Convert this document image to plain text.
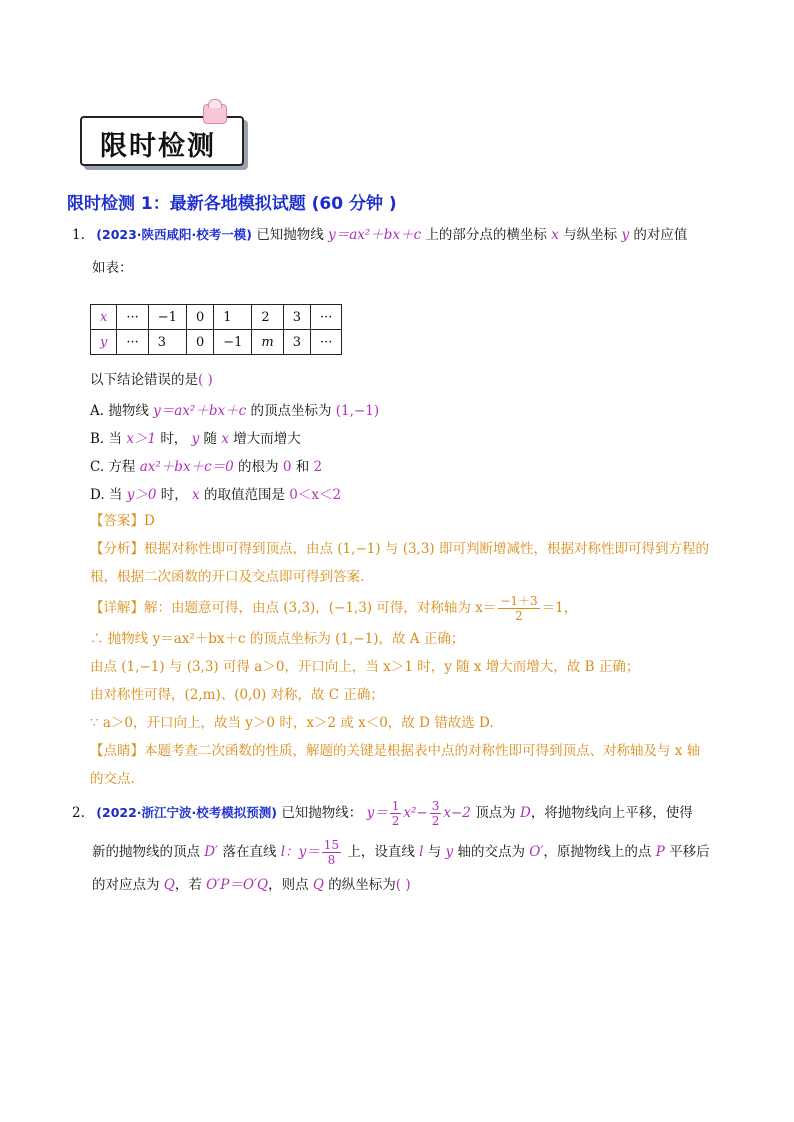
限时检测
限时检测 1：最新各地模拟试题 (60 分钟 )
1. (2023·陕西咸阳·校考一模) 已知抛物线 y＝ax²＋bx＋c 上的部分点的横坐标 x 与纵坐标 y 的对应值
如表：
x	···	−1	0	1	2	3	···
y	···	3	0	−1	m	3	···
以下结论错误的是( )
A. 抛物线 y＝ax²＋bx＋c 的顶点坐标为 (1,−1)
B. 当 x＞1 时， y 随 x 增大而增大
C. 方程 ax²＋bx＋c＝0 的根为 0 和 2
D. 当 y＞0 时， x 的取值范围是 0＜x＜2
【答案】D
【分析】根据对称性即可得到顶点，由点 (1,−1) 与 (3,3) 即可判断增减性，根据对称性即可得到方程的
根，根据二次函数的开口及交点即可得到答案.
【详解】解：由题意可得，由点 (3,3)，(−1,3) 可得，对称轴为 $x= \frac{-1+3}{2} =1$，
∴ 抛物线 y＝ax²＋bx＋c 的顶点坐标为 (1,−1)，故 A 正确；
由点 (1,−1) 与 (3,3) 可得 a＞0，开口向上，当 x＞1 时，y 随 x 增大而增大，故 B 正确；
由对称性可得，(2,m)、(0,0) 对称，故 C 正确；
∵ a＞0，开口向上，故当 y＞0 时，x＞2 或 x＜0，故 D 错故选 D.
【点睛】本题考查二次函数的性质，解题的关键是根据表中点的对称性即可得到顶点、对称轴及与 x 轴
的交点.
2. (2022·浙江宁波·校考模拟预测) 已知抛物线： $y= \frac{1}{2} x^2- \frac{3}{2} x-2$ 顶点为 D，将抛物线向上平移，使得
新的抛物线的顶点 D′ 落在直线 l：$y= \frac{15}{8}$ 上，设直线 l 与 y 轴的交点为 O′，原抛物线上的点 P 平移后
的对应点为 Q，若 O′P＝O′Q，则点 Q 的纵坐标为( )
